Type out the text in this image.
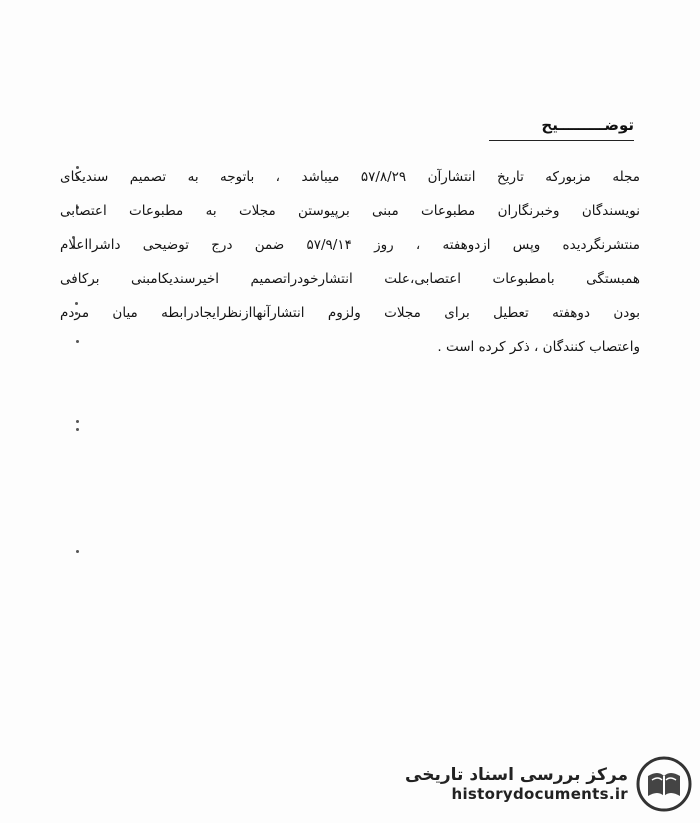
توضـــــــــیح
مجله مزبورکه تاریخ انتشارآن ۵۷/۸/۲۹ میباشد ، باتوجه به تصمیم سندیکای
نویسندگان وخبرنگاران مطبوعات مبنی برپیوستن مجلات به مطبوعات اعتصابی
منتشرنگردیده وپس ازدوهفته ، روز ۵۷/۹/۱۴ ضمن درج توضیحی داشرااعلام
همبستگی بامطبوعات اعتصابی،علت انتشارخودراتصمیم اخیرسندیکامبنی برکافی
بودن دوهفته تعطیل برای مجلات ولزوم انتشارآنهاازنظرایجادرابطه میان مردم
واعتصاب کنندگان ، ذکر کرده است .
مرکز بررسی اسناد تاریخی
historydocuments.ir
